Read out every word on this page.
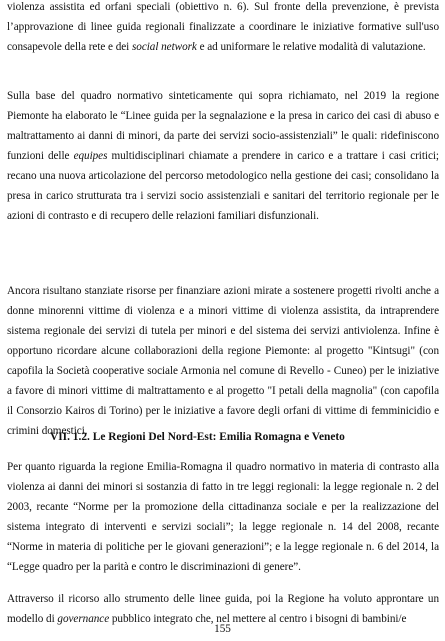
violenza assistita ed orfani speciali (obiettivo n. 6). Sul fronte della prevenzione, è prevista l’approvazione di linee guida regionali finalizzate a coordinare le iniziative formative sull'uso consapevole della rete e dei social network e ad uniformare le relative modalità di valutazione.
Sulla base del quadro normativo sinteticamente qui sopra richiamato, nel 2019 la regione Piemonte ha elaborato le “Linee guida per la segnalazione e la presa in carico dei casi di abuso e maltrattamento ai danni di minori, da parte dei servizi socio-assistenziali” le quali: ridefiniscono funzioni delle equipes multidisciplinari chiamate a prendere in carico e a trattare i casi critici; recano una nuova articolazione del percorso metodologico nella gestione dei casi; consolidano la presa in carico strutturata tra i servizi socio assistenziali e sanitari del territorio regionale per le azioni di contrasto e di recupero delle relazioni familiari disfunzionali.
Ancora risultano stanziate risorse per finanziare azioni mirate a sostenere progetti rivolti anche a donne minorenni vittime di violenza e a minori vittime di violenza assistita, da intraprendere sistema regionale dei servizi di tutela per minori e del sistema dei servizi antiviolenza. Infine è opportuno ricordare alcune collaborazioni della regione Piemonte: al progetto "Kintsugi" (con capofila la Società cooperative sociale Armonia nel comune di Revello - Cuneo) per le iniziative a favore di minori vittime di maltrattamento e al progetto "I petali della magnolia" (con capofila il Consorzio Kairos di Torino) per le iniziative a favore degli orfani di vittime di femminicidio e crimini domestici.
VII. 1.2. Le Regioni Del Nord-Est: Emilia Romagna e Veneto
Per quanto riguarda la regione Emilia-Romagna il quadro normativo in materia di contrasto alla violenza ai danni dei minori si sostanzia di fatto in tre leggi regionali: la legge regionale n. 2 del 2003, recante “Norme per la promozione della cittadinanza sociale e per la realizzazione del sistema integrato di interventi e servizi sociali”; la legge regionale n. 14 del 2008, recante “Norme in materia di politiche per le giovani generazioni”; e la legge regionale n. 6 del 2014, la “Legge quadro per la parità e contro le discriminazioni di genere”.
Attraverso il ricorso allo strumento delle linee guida, poi la Regione ha voluto approntare un modello di governance pubblico integrato che, nel mettere al centro i bisogni di bambini/e
155
